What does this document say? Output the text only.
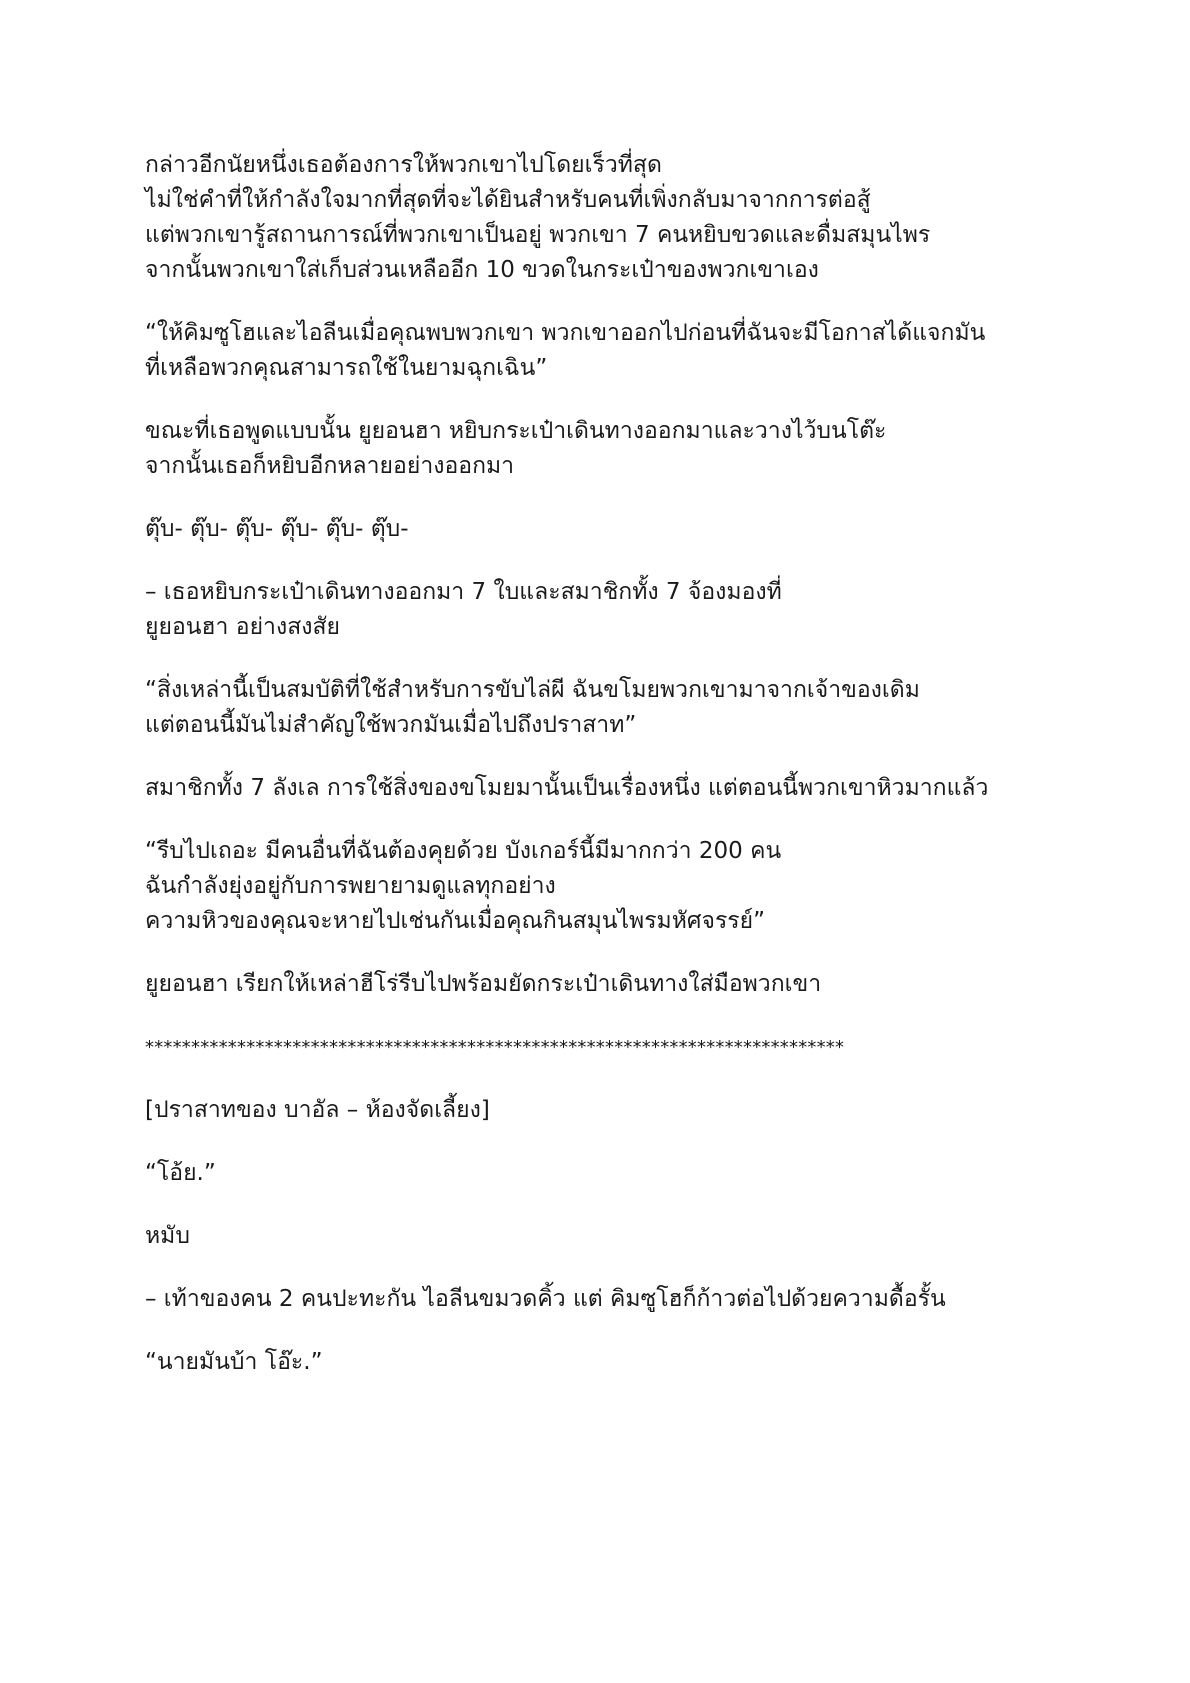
กล่าวอีกนัยหนึ่งเธอต้องการให้พวกเขาไปโดยเร็วที่สุด
ไม่ใช่คำที่ให้กำลังใจมากที่สุดที่จะได้ยินสำหรับคนที่เพิ่งกลับมาจากการต่อสู้
แต่พวกเขารู้สถานการณ์ที่พวกเขาเป็นอยู่ พวกเขา 7 คนหยิบขวดและดื่มสมุนไพร
จากนั้นพวกเขาใส่เก็บส่วนเหลืออีก 10 ขวดในกระเป๋าของพวกเขาเอง
“ให้คิมซูโฮและไอลีนเมื่อคุณพบพวกเขา พวกเขาออกไปก่อนที่ฉันจะมีโอกาสได้แจกมัน
ที่เหลือพวกคุณสามารถใช้ในยามฉุกเฉิน”
ขณะที่เธอพูดแบบนั้น ยูยอนฮา หยิบกระเป๋าเดินทางออกมาและวางไว้บนโต๊ะ
จากนั้นเธอก็หยิบอีกหลายอย่างออกมา
ตุ๊บ- ตุ๊บ- ตุ๊บ- ตุ๊บ- ตุ๊บ- ตุ๊บ-
– เธอหยิบกระเป๋าเดินทางออกมา 7 ใบและสมาชิกทั้ง 7 จ้องมองที่
ยูยอนฮา อย่างสงสัย
“สิ่งเหล่านี้เป็นสมบัติที่ใช้สำหรับการขับไล่ผี ฉันขโมยพวกเขามาจากเจ้าของเดิม
แต่ตอนนี้มันไม่สำคัญใช้พวกมันเมื่อไปถึงปราสาท”
สมาชิกทั้ง 7 ลังเล การใช้สิ่งของขโมยมานั้นเป็นเรื่องหนึ่ง แต่ตอนนี้พวกเขาหิวมากแล้ว
“รีบไปเถอะ มีคนอื่นที่ฉันต้องคุยด้วย บังเกอร์นี้มีมากกว่า 200 คน
ฉันกำลังยุ่งอยู่กับการพยายามดูแลทุกอย่าง
ความหิวของคุณจะหายไปเช่นกันเมื่อคุณกินสมุนไพรมหัศจรรย์”
ยูยอนฮา เรียกให้เหล่าฮีโร่รีบไปพร้อมยัดกระเป๋าเดินทางใส่มือพวกเขา
****************************************************************************
[ปราสาทของ บาอัล – ห้องจัดเลี้ยง]
“โอ้ย.”
หมับ
– เท้าของคน 2 คนปะทะกัน ไอลีนขมวดคิ้ว แต่ คิมซูโฮก็ก้าวต่อไปด้วยความดื้อรั้น
“นายมันบ้า โอ๊ะ.”
